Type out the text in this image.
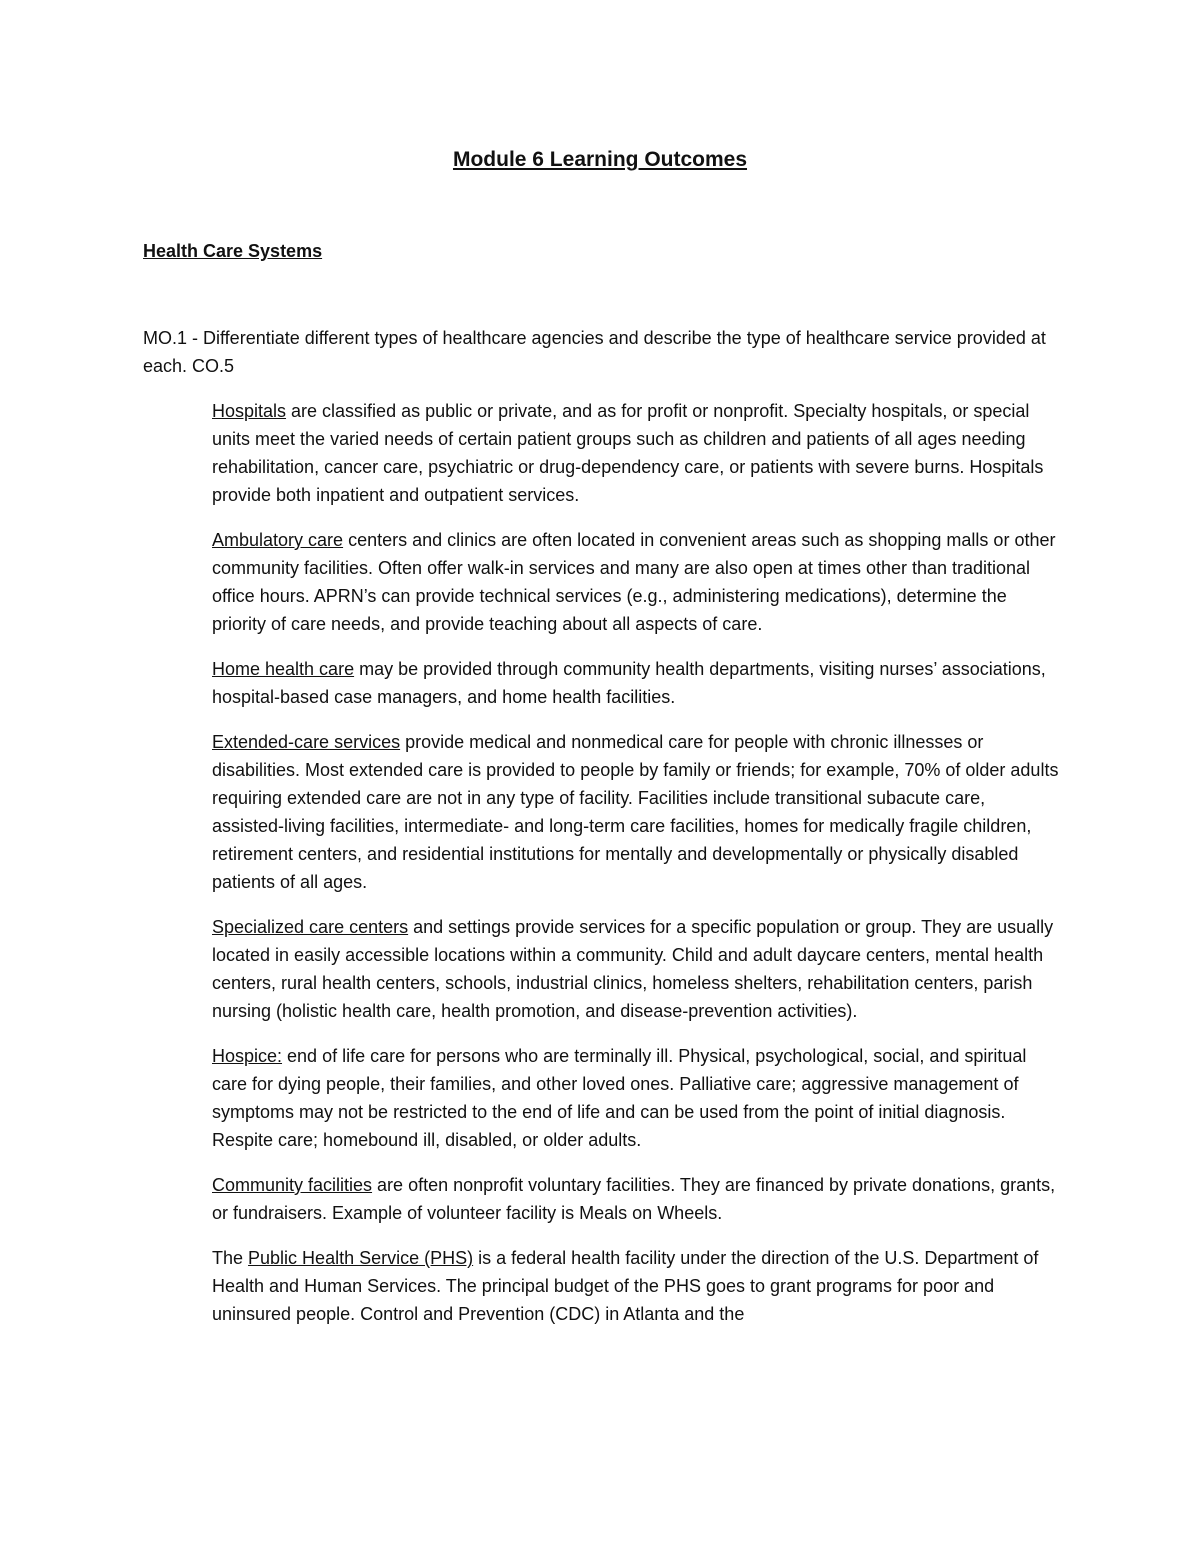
Module 6 Learning Outcomes
Health Care Systems

MO.1 - Differentiate different types of healthcare agencies and describe the type of healthcare service provided at each. CO.5

Hospitals are classified as public or private, and as for profit or nonprofit. Specialty hospitals, or special units meet the varied needs of certain patient groups such as children and patients of all ages needing rehabilitation, cancer care, psychiatric or drug-dependency care, or patients with severe burns. Hospitals provide both inpatient and outpatient services.

Ambulatory care centers and clinics are often located in convenient areas such as shopping malls or other community facilities. Often offer walk-in services and many are also open at times other than traditional office hours. APRN’s can provide technical services (e.g., administering medications), determine the priority of care needs, and provide teaching about all aspects of care.

Home health care may be provided through community health departments, visiting nurses’ associations, hospital-based case managers, and home health facilities.

Extended-care services provide medical and nonmedical care for people with chronic illnesses or disabilities. Most extended care is provided to people by family or friends; for example, 70% of older adults requiring extended care are not in any type of facility. Facilities include transitional subacute care, assisted-living facilities, intermediate- and long-term care facilities, homes for medically fragile children, retirement centers, and residential institutions for mentally and developmentally or physically disabled patients of all ages.

Specialized care centers and settings provide services for a specific population or group. They are usually located in easily accessible locations within a community. Child and adult daycare centers, mental health centers, rural health centers, schools, industrial clinics, homeless shelters, rehabilitation centers, parish nursing (holistic health care, health promotion, and disease-prevention activities).

Hospice: end of life care for persons who are terminally ill. Physical, psychological, social, and spiritual care for dying people, their families, and other loved ones. Palliative care; aggressive management of symptoms may not be restricted to the end of life and can be used from the point of initial diagnosis. Respite care; homebound ill, disabled, or older adults.

Community facilities are often nonprofit voluntary facilities. They are financed by private donations, grants, or fundraisers. Example of volunteer facility is Meals on Wheels.

The Public Health Service (PHS) is a federal health facility under the direction of the U.S. Department of Health and Human Services. The principal budget of the PHS goes to grant programs for poor and uninsured people. Control and Prevention (CDC) in Atlanta and the
